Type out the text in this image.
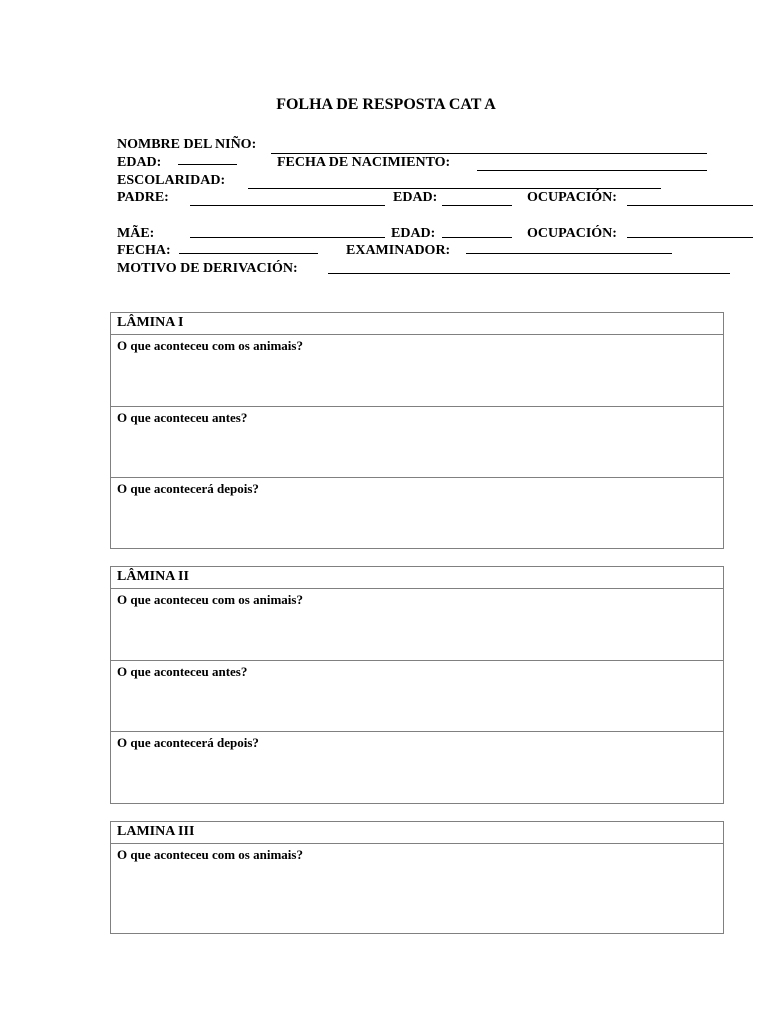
FOLHA DE RESPOSTA CAT A
NOMBRE DEL NIÑO:
EDAD:	FECHA DE NACIMIENTO:
ESCOLARIDAD:
PADRE:	EDAD:	OCUPACIÓN:
MÃE:	EDAD:	OCUPACIÓN:
FECHA:	EXAMINADOR:
MOTIVO DE DERIVACIÓN:
LÂMINA I
O que aconteceu com os animais?
O que aconteceu antes?
O que acontecerá depois?
LÂMINA II
O que aconteceu com os animais?
O que aconteceu antes?
O que acontecerá depois?
LAMINA III
O que aconteceu com os animais?
